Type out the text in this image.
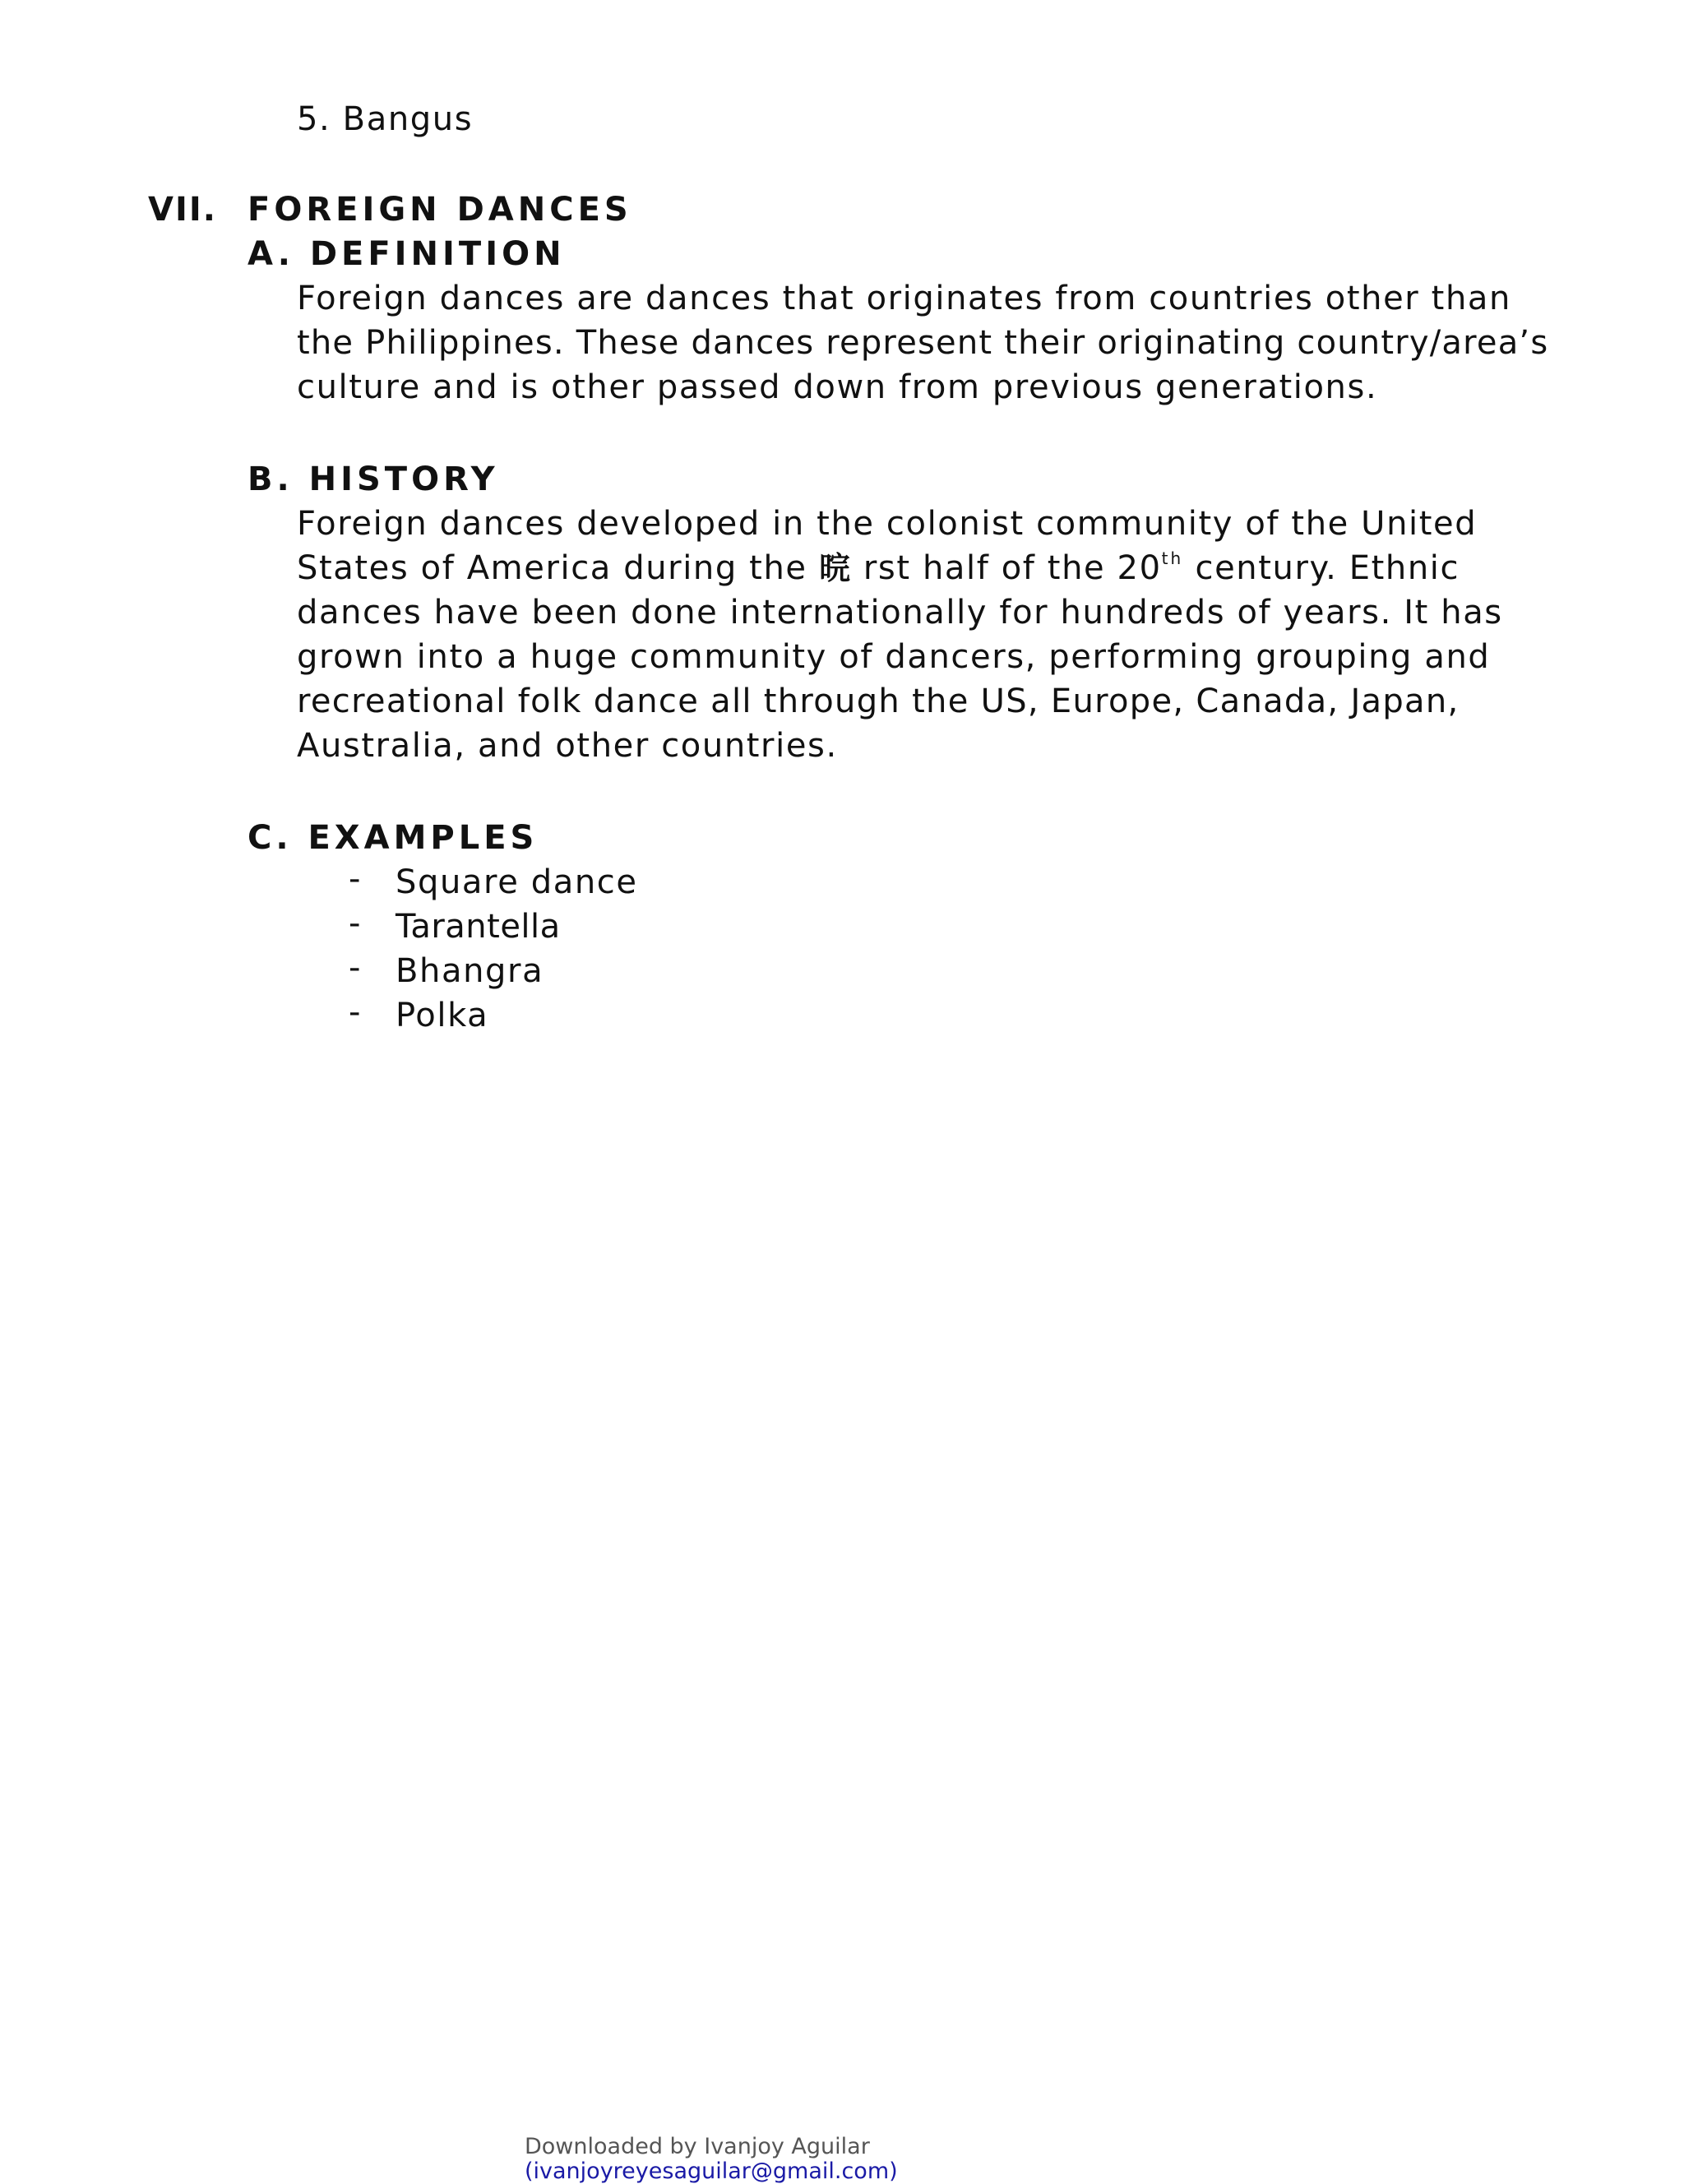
5. Bangus
VII. FOREIGN DANCES
A. DEFINITION
Foreign dances are dances that originates from countries other than
the Philippines. These dances represent their originating country/area’s
culture and is other passed down from previous generations.
B. HISTORY
Foreign dances developed in the colonist community of the United
States of America during the 晥 rst half of the 20th century. Ethnic
dances have been done internationally for hundreds of years. It has
grown into a huge community of dancers, performing grouping and
recreational folk dance all through the US, Europe, Canada, Japan,
Australia, and other countries.
C. EXAMPLES
- Square dance
- Tarantella
- Bhangra
- Polka
Downloaded by Ivanjoy Aguilar
(ivanjoyreyesaguilar@gmail.com)
